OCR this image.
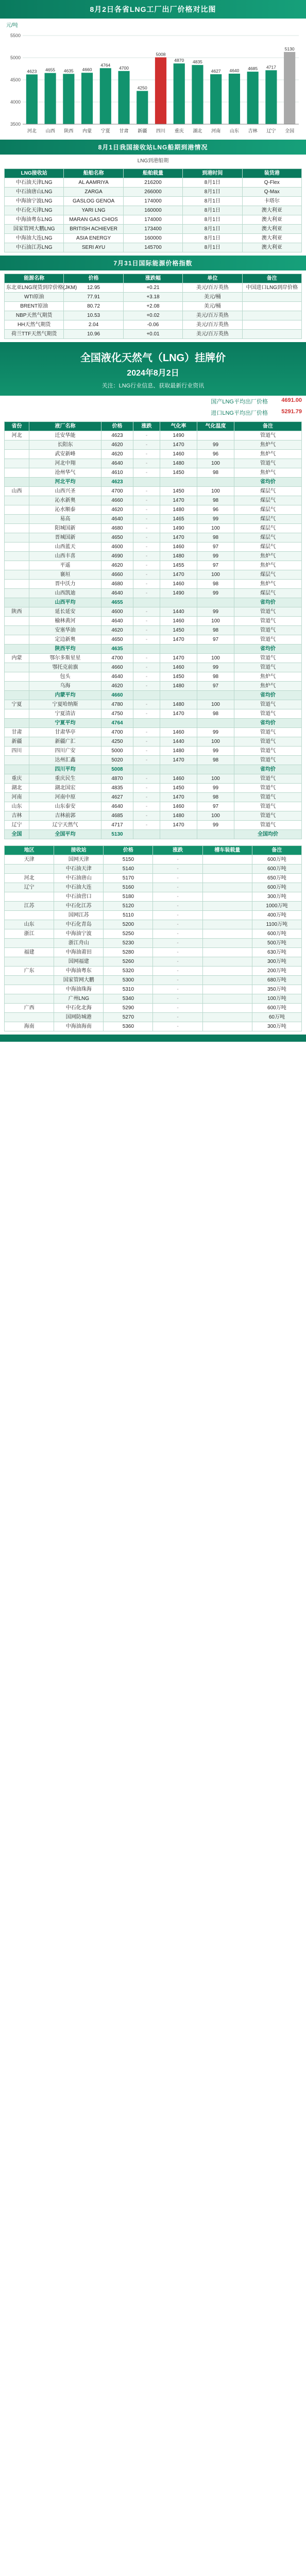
8月2日各省LNG工厂出厂价格对比图
元/吨
3500
4000
4500
5000
5500
4623
河北
4655
山西
4635
陕西
4660
内蒙
4764
宁夏
4700
甘肃
4250
新疆
5008
四川
4870
重庆
4835
湖北
4627
河南
4640
山东
4685
吉林
4717
辽宁
5130
全国
8月1日我国接收站LNG船期到港情况
LNG到港船期
LNG接收站	船舶名称	船舶载量	到港时间	装货港
中石油天津LNG	AL AAMRIYA	216200	8月1日	Q-Flex
中石油唐山LNG	ZARGA	266000	8月1日	Q-Max
中海油宁波LNG	GASLOG GENOA	174000	8月1日	卡塔尔
中石化天津LNG	YARI LNG	160000	8月1日	澳大利亚
中海油粤东LNG	MARAN GAS CHIOS	174000	8月1日	澳大利亚
国家管网大鹏LNG	BRITISH ACHIEVER	173400	8月1日	澳大利亚
中海油大连LNG	ASIA ENERGY	160000	8月1日	澳大利亚
中石油江苏LNG	SERI AYU	145700	8月1日	澳大利亚
7月31日国际能源价格指数
能源名称	价格	涨跌幅	单位	备注
东北亚LNG现货到岸价格(JKM)	12.95	+0.21	美元/百万英热	中国进口LNG到岸价格
WTI原油	77.91	+3.18	美元/桶	
BRENT原油	80.72	+2.08	美元/桶	
NBP天然气期货	10.53	+0.02	美元/百万英热	
HH天然气期货	2.04	-0.06	美元/百万英热	
荷兰TTF天然气期货	10.96	+0.01	美元/百万英热	
全国液化天然气（LNG）挂牌价
2024年8月2日
关注：LNG行业信息、获取最新行业资讯
国产LNG平均出厂价格	4691.00
进口LNG平均出厂价格	5291.79
省份	液厂名称	价格	涨跌	气化率	气化温度	备注
河北	迁安华能	4623	-	1490		管道气
	长阳东	4620	-	1470	99	焦炉气
	武安新峰	4620	-	1460	96	焦炉气
	河北中翔	4640	-	1480	100	管道气
	沧州华气	4610	-	1450	98	焦炉气
	河北平均	4623				省均价
山西	山西兴圣	4700	-	1450	100	煤层气
	沁水新奥	4660	-	1470	98	煤层气
	沁水顺泰	4620	-	1480	96	煤层气
	易高	4640	-	1465	99	煤层气
	阳城国新	4680	-	1490	100	煤层气
	晋城国新	4650	-	1470	98	煤层气
	山西蓝天	4600	-	1460	97	煤层气
	山西丰喜	4690	-	1480	99	焦炉气
	平遥	4620	-	1455	97	焦炉气
	襄垣	4660	-	1470	100	煤层气
	晋中沃力	4680	-	1460	98	焦炉气
	山西凯迪	4640	-	1490	99	煤层气
	山西平均	4655				省均价
陕西	延长延安	4600	-	1440	99	管道气
	榆林黄河	4640	-	1460	100	管道气
	安塞华油	4620	-	1450	98	管道气
	定边新奥	4650	-	1470	97	管道气
	陕西平均	4635				省均价
内蒙	鄂尔多斯星星	4700	-	1470	100	管道气
	鄂托克前旗	4660	-	1460	99	管道气
	包头	4640	-	1450	98	焦炉气
	乌海	4620	-	1480	97	焦炉气
	内蒙平均	4660				省均价
宁夏	宁夏哈纳斯	4780	-	1480	100	管道气
	宁夏清洁	4750	-	1470	98	管道气
	宁夏平均	4764				省均价
甘肃	甘肃华亭	4700	-	1460	99	管道气
新疆	新疆广汇	4250	-	1440	100	管道气
四川	四川广安	5000	-	1480	99	管道气
	达州汇鑫	5020	-	1470	98	管道气
	四川平均	5008				省均价
重庆	重庆民生	4870	-	1460	100	管道气
湖北	湖北国宏	4835	-	1450	99	管道气
河南	河南中原	4627	-	1470	98	管道气
山东	山东泰安	4640	-	1460	97	管道气
吉林	吉林前郭	4685	-	1480	100	管道气
辽宁	辽宁天然气	4717	-	1470	99	管道气
全国	全国平均	5130				全国均价
地区	接收站	价格	涨跌	槽车装载量	备注
天津	国网天津	5150	-		600万吨
	中石油天津	5140	-		600万吨
河北	中石油唐山	5170	-		650万吨
辽宁	中石油大连	5160	-		600万吨
	中石油营口	5180	-		300万吨
江苏	中石化江苏	5120	-		1000万吨
	国网江苏	5110	-		400万吨
山东	中石化青岛	5200	-		1100万吨
浙江	中海油宁波	5250	-		600万吨
	浙江舟山	5230	-		500万吨
福建	中海油莆田	5280	-		630万吨
	国网福建	5260	-		300万吨
广东	中海油粤东	5320	-		200万吨
	国家管网大鹏	5300	-		680万吨
	中海油珠海	5310	-		350万吨
	广州LNG	5340	-		100万吨
广西	中石化北海	5290	-		600万吨
	国网防城港	5270	-		60万吨
海南	中海油海南	5360	-		300万吨
